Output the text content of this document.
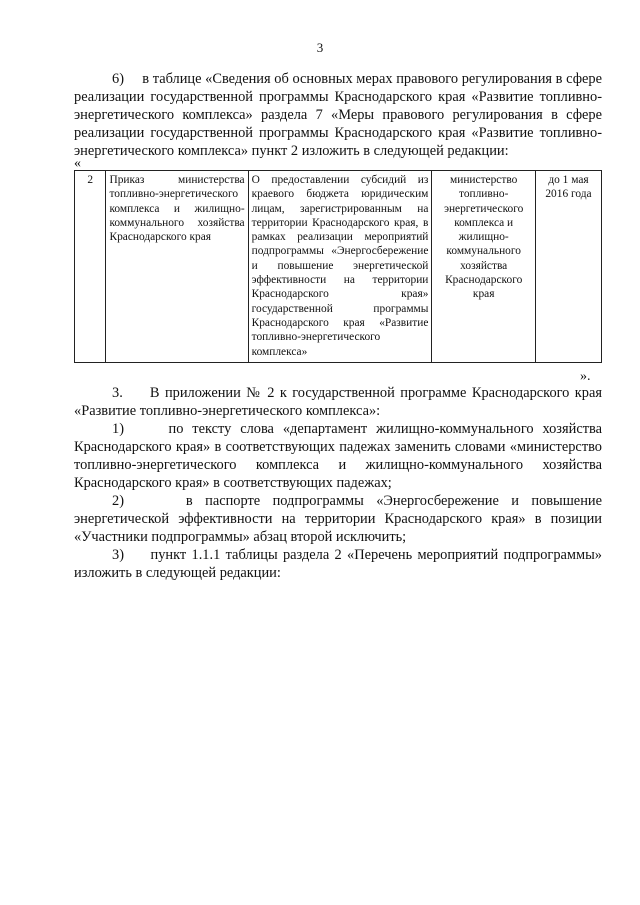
3

6)     в таблице «Сведения об основных мерах правового регулирования в сфере реализации государственной программы Краснодарского края «Развитие топливно-энергетического комплекса» раздела 7 «Меры правового регулирования в сфере реализации государственной программы Краснодарского края «Развитие топливно-энергетического комплекса» пункт 2 изложить в следующей редакции:

«
2	Приказ министерства топливно-энергетического комплекса и жилищно-коммунального хозяйства Краснодарского края	О предоставлении субсидий из краевого бюджета юридическим лицам, зарегистрированным на территории Краснодарского края, в рамках реализации мероприятий подпрограммы «Энергосбережение и повышение энергетической эффективности на территории Краснодарского края» государственной программы Краснодарского края «Развитие топливно-энергетического комплекса»	министерство топливно-энергетического комплекса и жилищно-коммунального хозяйства Краснодарского края	до 1 мая 2016 года
».

3.     В приложении № 2 к государственной программе Краснодарского края «Развитие топливно-энергетического комплекса»:

1)     по тексту слова «департамент жилищно-коммунального хозяйства Краснодарского края» в соответствующих падежах заменить словами «министерство топливно-энергетического комплекса и жилищно-коммунального хозяйства Краснодарского края» в соответствующих падежах;

2)     в паспорте подпрограммы «Энергосбережение и повышение энергетической эффективности на территории Краснодарского края» в позиции «Участники подпрограммы» абзац второй исключить;

3)     пункт 1.1.1 таблицы раздела 2 «Перечень мероприятий подпрограммы» изложить в следующей редакции:
